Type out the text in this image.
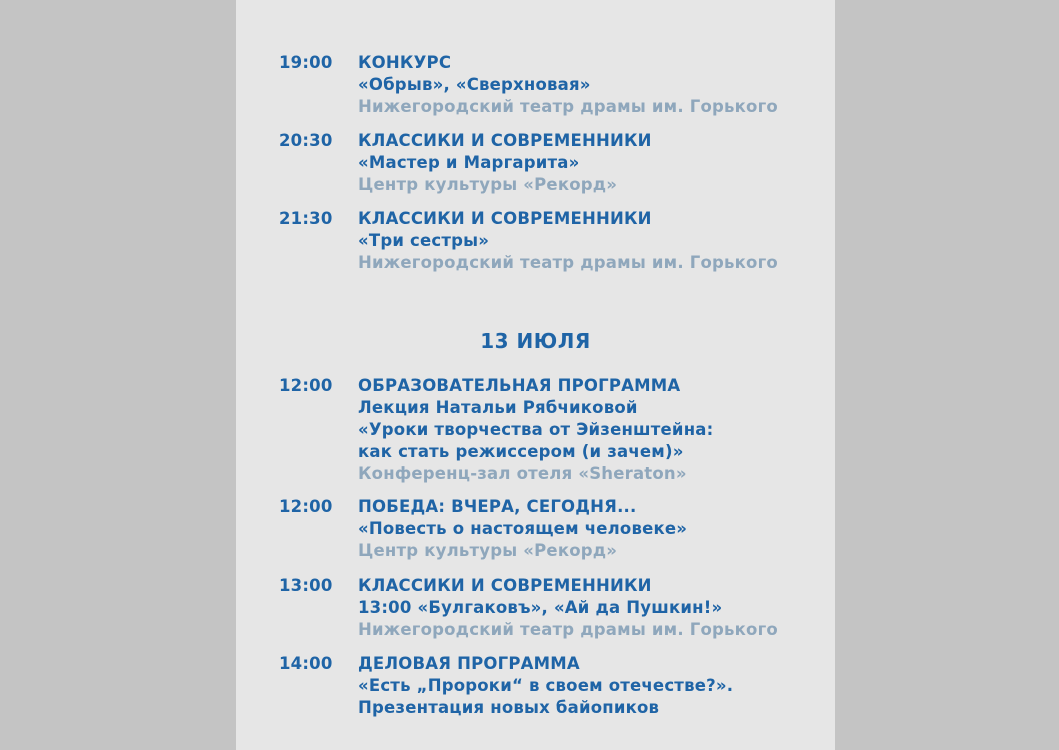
19:00 КОНКУРС
«Обрыв», «Сверхновая»
Нижегородский театр драмы им. Горького
20:30 КЛАССИКИ И СОВРЕМЕННИКИ
«Мастер и Маргарита»
Центр культуры «Рекорд»
21:30 КЛАССИКИ И СОВРЕМЕННИКИ
«Три сестры»
Нижегородский театр драмы им. Горького
13 ИЮЛЯ
12:00 ОБРАЗОВАТЕЛЬНАЯ ПРОГРАММА
Лекция Натальи Рябчиковой
«Уроки творчества от Эйзенштейна:
как стать режиссером (и зачем)»
Конференц-зал отеля «Sheraton»
12:00 ПОБЕДА: ВЧЕРА, СЕГОДНЯ...
«Повесть о настоящем человеке»
Центр культуры «Рекорд»
13:00 КЛАССИКИ И СОВРЕМЕННИКИ
13:00 «Булгаковъ», «Ай да Пушкин!»
Нижегородский театр драмы им. Горького
14:00 ДЕЛОВАЯ ПРОГРАММА
«Есть „Пророки“ в своем отечестве?».
Презентация новых байопиков
